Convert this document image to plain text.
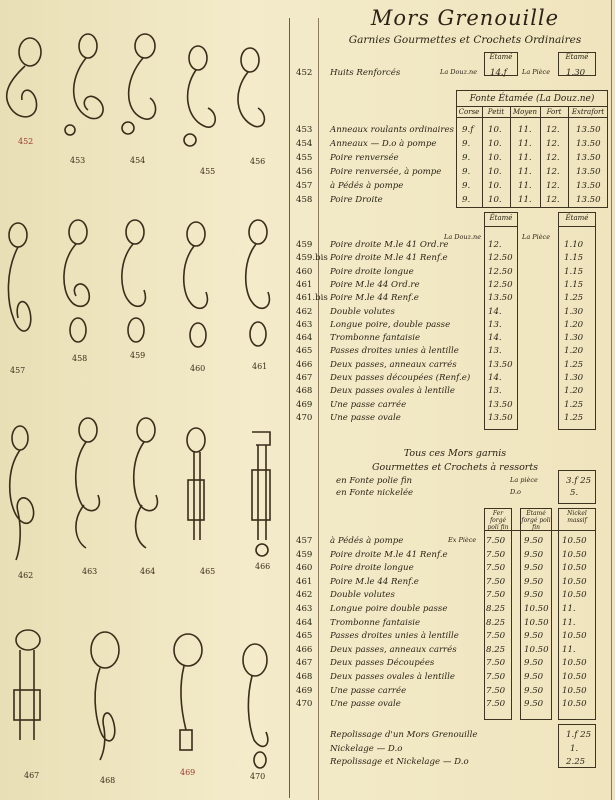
452
453	454
455
456
457
458	459
460	461
462	463	464	465
466
467
468
469	470
Mors Grenouille
Garnies Gourmettes et Crochets Ordinaires
Étamé	Étamé
452	Huits Renforcés	La Douz.ne 14.f La Pièce 1.30
Fonte Étamée (La Douz.ne)
Corse	Petit	Moyen	Fort	Extrafort
453	Anneaux roulants ordinaires 9.f 10. 11. 12. 13.50
454	Anneaux — D.o à pompe	9. 10. 11. 12. 13.50
455	Poire renversée	9. 10. 11. 12. 13.50
456	Poire renversée, à pompe 9. 10. 11. 12. 13.50
457	à Pédés à pompe	9. 10. 11. 12. 13.50
458	Poire Droite	9. 10. 11. 12. 13.50
Étamé	Étamé
La Douz.ne	La Pièce
459	Poire droite M.le 41 Ord.re	12.	1.10
459.bis Poire droite M.le 41 Renf.e	12.50	1.15
460	Poire droite longue	12.50	1.15
461	Poire M.le 44 Ord.re	12.50	1.15
461.bis Poire M.le 44 Renf.e	13.50	1.25
462	Double volutes	14.	1.30
463	Longue poire, double passe	13.	1.20
464	Trombonne fantaisie	14.	1.30
465	Passes droites unies à lentille	13.	1.20
466	Deux passes, anneaux carrés	13.50	1.25
467	Deux passes découpées (Renf.e) 14.	1.30
468	Deux passes ovales à lentille	13.	1.20
469	Une passe carrée	13.50	1.25
470	Une passe ovale	13.50	1.25
Tous ces Mors garnis
Gourmettes et Crochets à ressorts
en Fonte polie fin	La pièce	3.f 25
en Fonte nickelée	D.o	5.
Fer forgé poli fin
Étamé forgé poli fin
Nickel massif
457	à Pédés à pompe	Ex Pièce 7.50 9.50 10.50
459	Poire droite M.le 41 Renf.e	7.50 9.50 10.50
460	Poire droite longue	7.50 9.50 10.50
461	Poire M.le 44 Renf.e	7.50 9.50 10.50
462	Double volutes	7.50 9.50 10.50
463	Longue poire double passe	8.25 10.50 11.
464	Trombonne fantaisie	8.25 10.50 11.
465	Passes droites unies à lentille	7.50 9.50 10.50
466	Deux passes, anneaux carrés	8.25 10.50 11.
467	Deux passes Découpées	7.50 9.50 10.50
468	Deux passes ovales à lentille	7.50 9.50 10.50
469	Une passe carrée	7.50 9.50 10.50
470	Une passe ovale	7.50 9.50 10.50
Repolissage d'un Mors Grenouille	1.f 25
Nickelage — D.o	1.
Repolissage et Nickelage — D.o	2.25
